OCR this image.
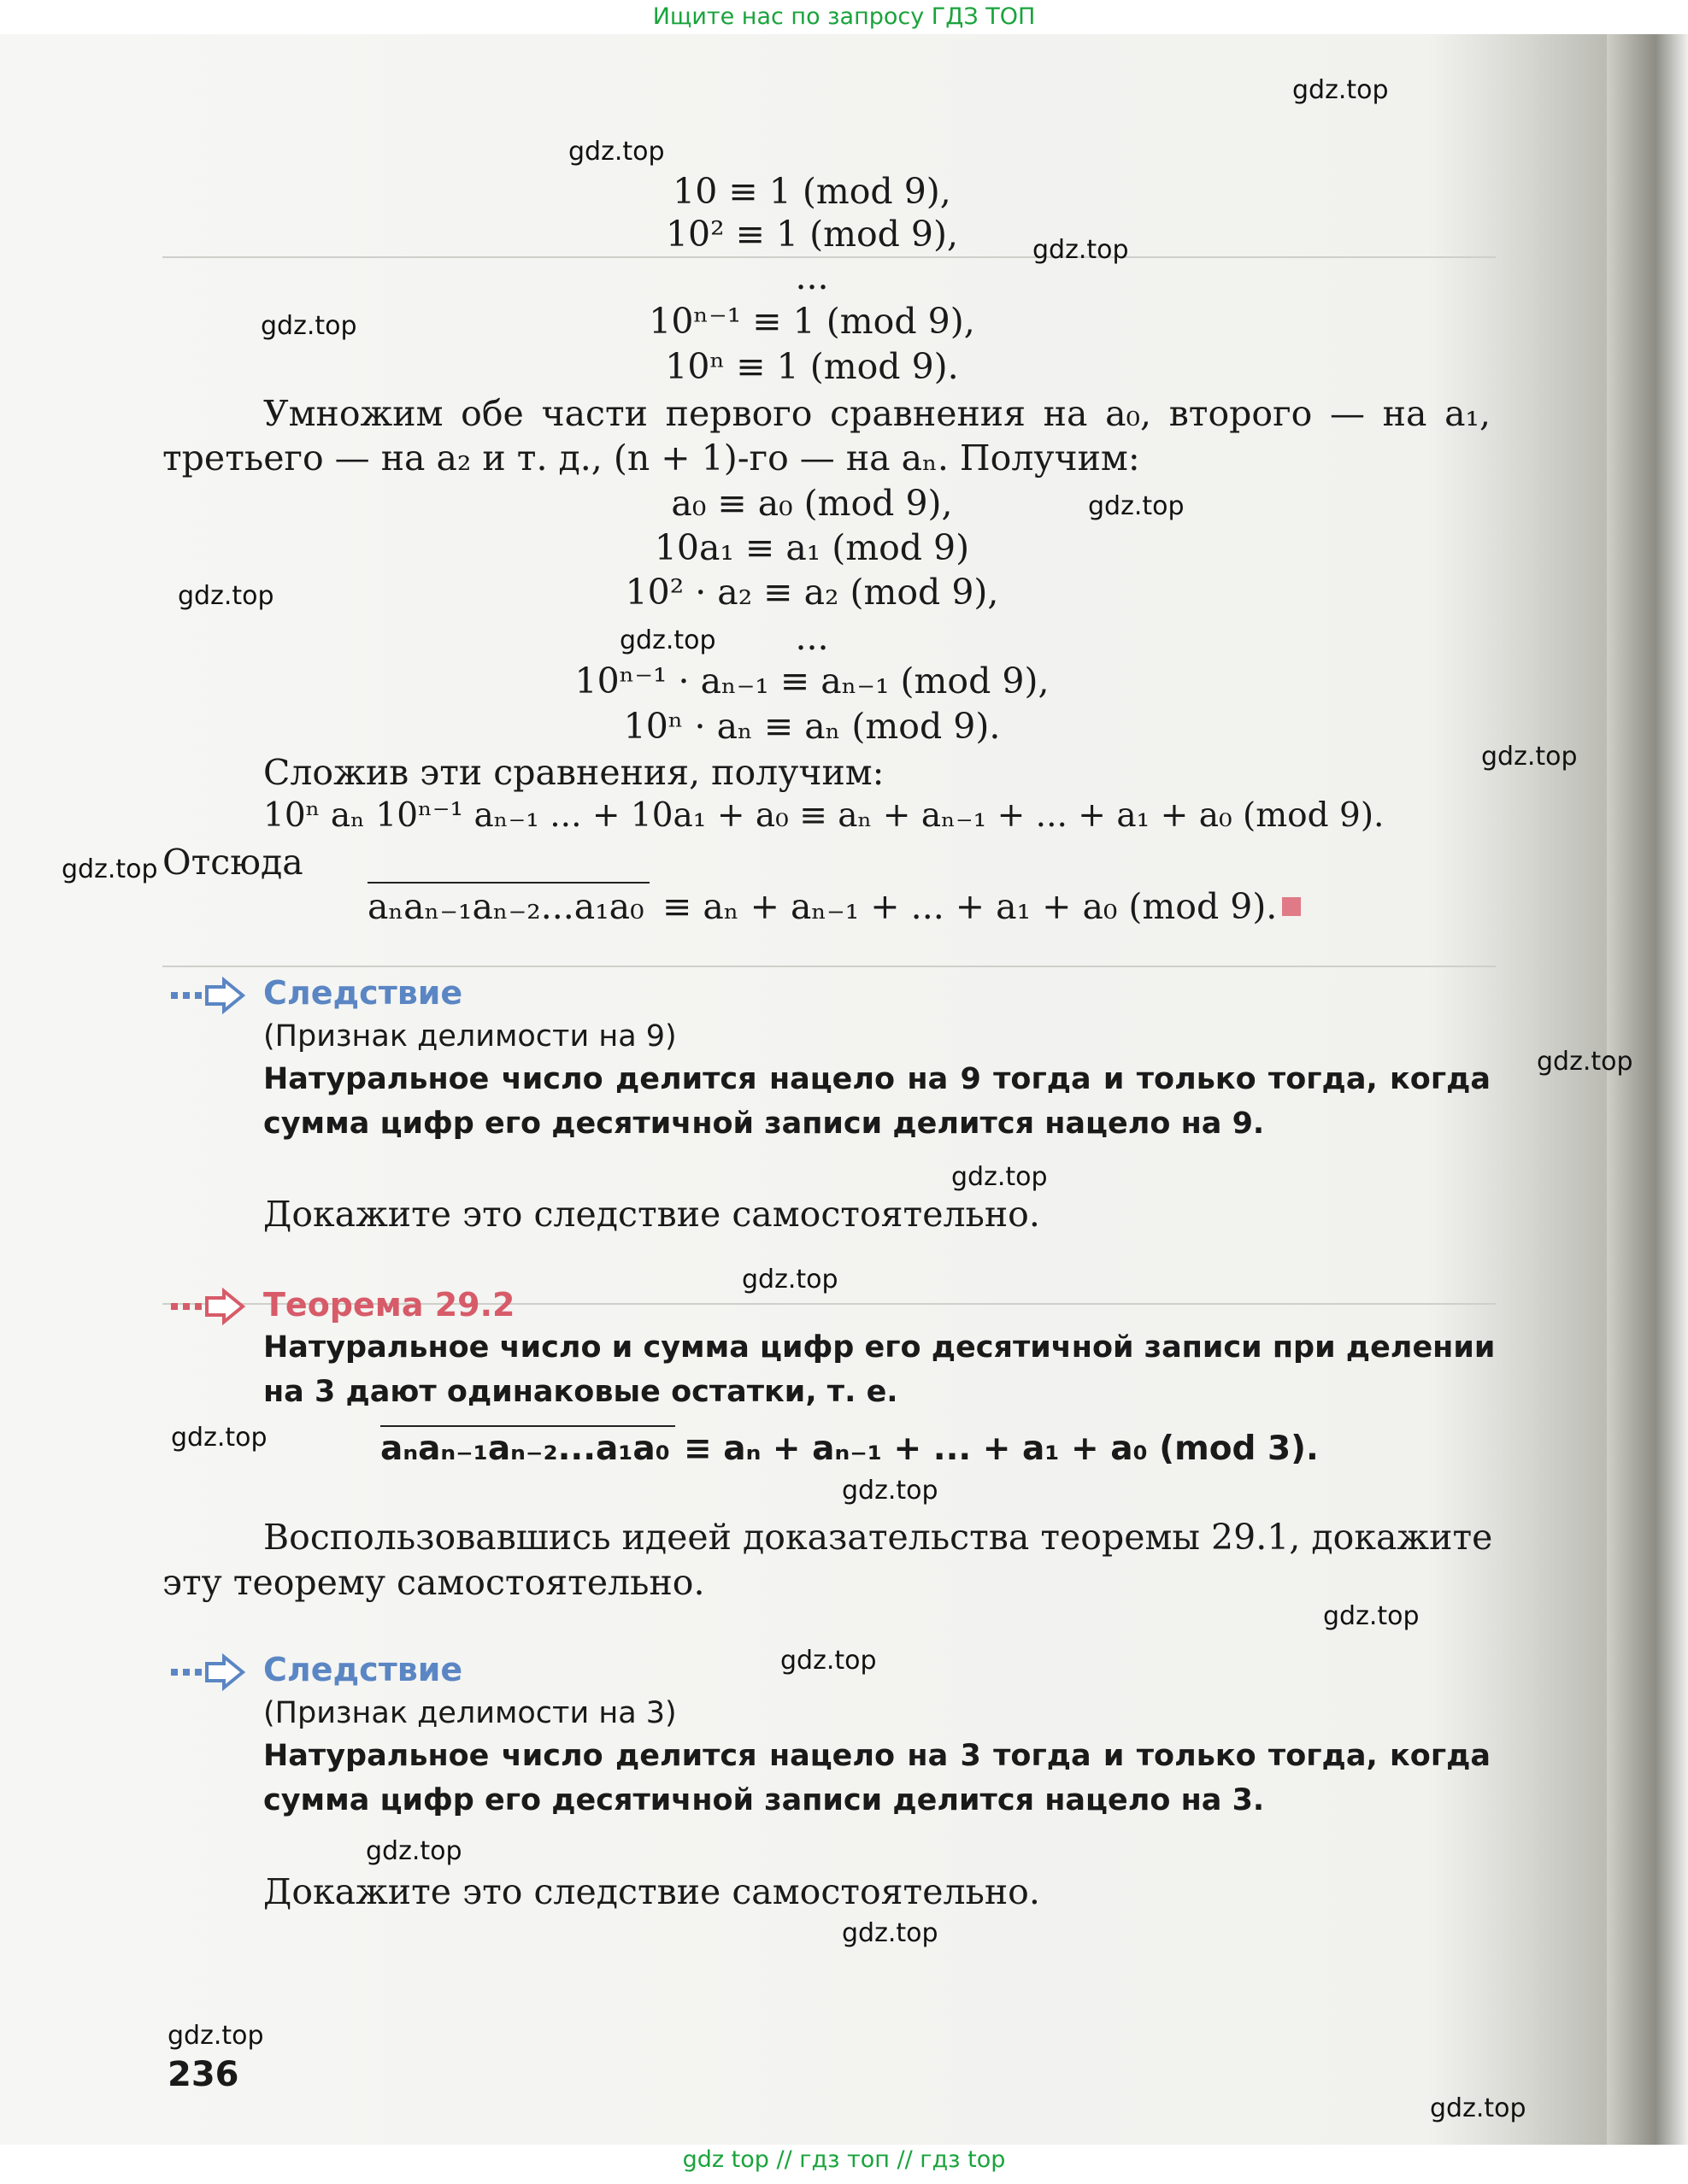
Ищите нас по запросу ГДЗ ТОП
gdz.top
gdz.top
gdz.top
gdz.top
gdz.top
gdz.top
gdz.top
gdz.top
gdz.top
gdz.top
gdz.top
gdz.top
gdz.top
gdz.top
gdz.top
gdz.top
gdz.top
gdz.top
gdz.top
gdz.top
10 ≡ 1 (mod 9),
10² ≡ 1 (mod 9),
...
10ⁿ⁻¹ ≡ 1 (mod 9),
10ⁿ ≡ 1 (mod 9).
Умножим обе части первого сравнения на a₀, второго — на a₁,
третьего — на a₂ и т. д., (n + 1)-го — на aₙ. Получим:
a₀ ≡ a₀ (mod 9),
10a₁ ≡ a₁ (mod 9)
10² · a₂ ≡ a₂ (mod 9),
...
10ⁿ⁻¹ · aₙ₋₁ ≡ aₙ₋₁ (mod 9),
10ⁿ · aₙ ≡ aₙ (mod 9).
Сложив эти сравнения, получим:
10ⁿ aₙ 10ⁿ⁻¹ aₙ₋₁ ... + 10a₁ + a₀ ≡ aₙ + aₙ₋₁ + ... + a₁ + a₀ (mod 9).
Отсюда
aₙaₙ₋₁aₙ₋₂...a₁a₀ ≡ aₙ + aₙ₋₁ + ... + a₁ + a₀ (mod 9).
Следствие
(Признак делимости на 9)
Натуральное число делится нацело на 9 тогда и только тогда, когда
сумма цифр его десятичной записи делится нацело на 9.
Докажите это следствие самостоятельно.
Теорема 29.2
Натуральное число и сумма цифр его десятичной записи при делении
на 3 дают одинаковые остатки, т. е.
aₙaₙ₋₁aₙ₋₂...a₁a₀ ≡ aₙ + aₙ₋₁ + ... + a₁ + a₀ (mod 3).
Воспользовавшись идеей доказательства теоремы 29.1, докажите
эту теорему самостоятельно.
Следствие
(Признак делимости на 3)
Натуральное число делится нацело на 3 тогда и только тогда, когда
сумма цифр его десятичной записи делится нацело на 3.
Докажите это следствие самостоятельно.
236
gdz top // гдз топ // гдз top
